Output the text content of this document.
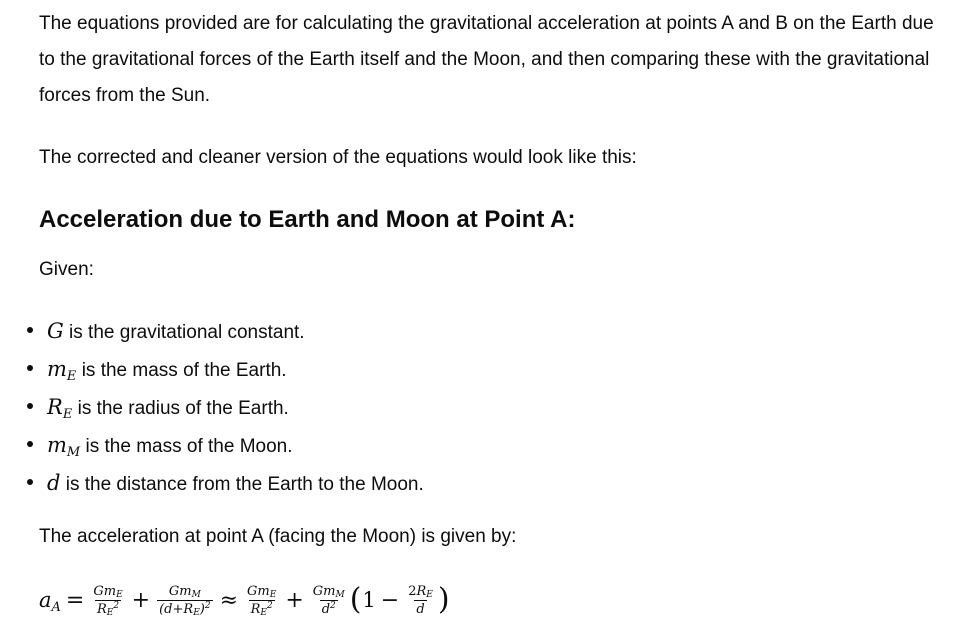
The equations provided are for calculating the gravitational acceleration at points A and B on the Earth due to the gravitational forces of the Earth itself and the Moon, and then comparing these with the gravitational forces from the Sun.

The corrected and cleaner version of the equations would look like this:

Acceleration due to Earth and Moon at Point A:

Given:

G is the gravitational constant.
$m_E$ is the mass of the Earth.
$R_E$ is the radius of the Earth.
$m_M$ is the mass of the Moon.
d is the distance from the Earth to the Moon.

The acceleration at point A (facing the Moon) is given by:

$a_A = \frac{Gm_E}{R_E^2} + \frac{Gm_M}{(d+R_E)^2} \approx \frac{Gm_E}{R_E^2} + \frac{Gm_M}{d^2}$ ( $1 - \frac{2R_E}{d}$ )
